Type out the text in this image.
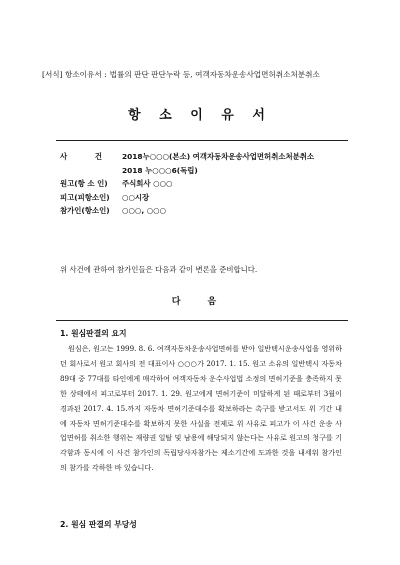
[서식] 항소이유서 : 법률의 판단 판단누락 등, 여객자동차운송사업면허취소처분취소
항 소 이 유 서
사	건	2018누○○○(본소) 여객자동차운송사업면허취소처분취소
2018 누○○○6(독립)
원고(항 소 인)	주식회사 ○○○
피고(피항소인)	○○시장
참가인(항소인)	○○○, ○○○
위 사건에 관하여 참가인들은 다음과 같이 변론을 준비합니다.
다 음
1. 원심판결의 요지
원심은, 원고는 1999. 8. 6. 여객자동차운송사업면허를 받아 일반택시운송사업을 영위하던 회사로서 원고 회사의 전 대표이사 ○○○가 2017. 1. 15. 원고 소유의 일반택시 자동차 89대 중 77대를 타인에게 매각하여 여객자동차 운수사업법 소정의 면허기준을 충족하지 못한 상태에서 피고로부터 2017. 1. 29. 원고에게 면허기준이 미달하게 된 때로부터 3월이 경과된 2017. 4. 15.까지 자동차 면허기준대수를 확보하라는 촉구를 받고서도 위 기간 내에 자동차 면허기준대수를 확보하지 못한 사실을 전제로 위 사유로 피고가 이 사건 운송 사업면허를 취소한 행위는 재량권 일탈 및 남용에 해당되지 않는다는 사유로 원고의 청구를 기각함과 동시에 이 사건 참가인의 독립당사자참가는 제소기간에 도과한 것을 내세워 참가인의 참가를 각하한 바 있습니다.
2. 원심 판결의 부당성
